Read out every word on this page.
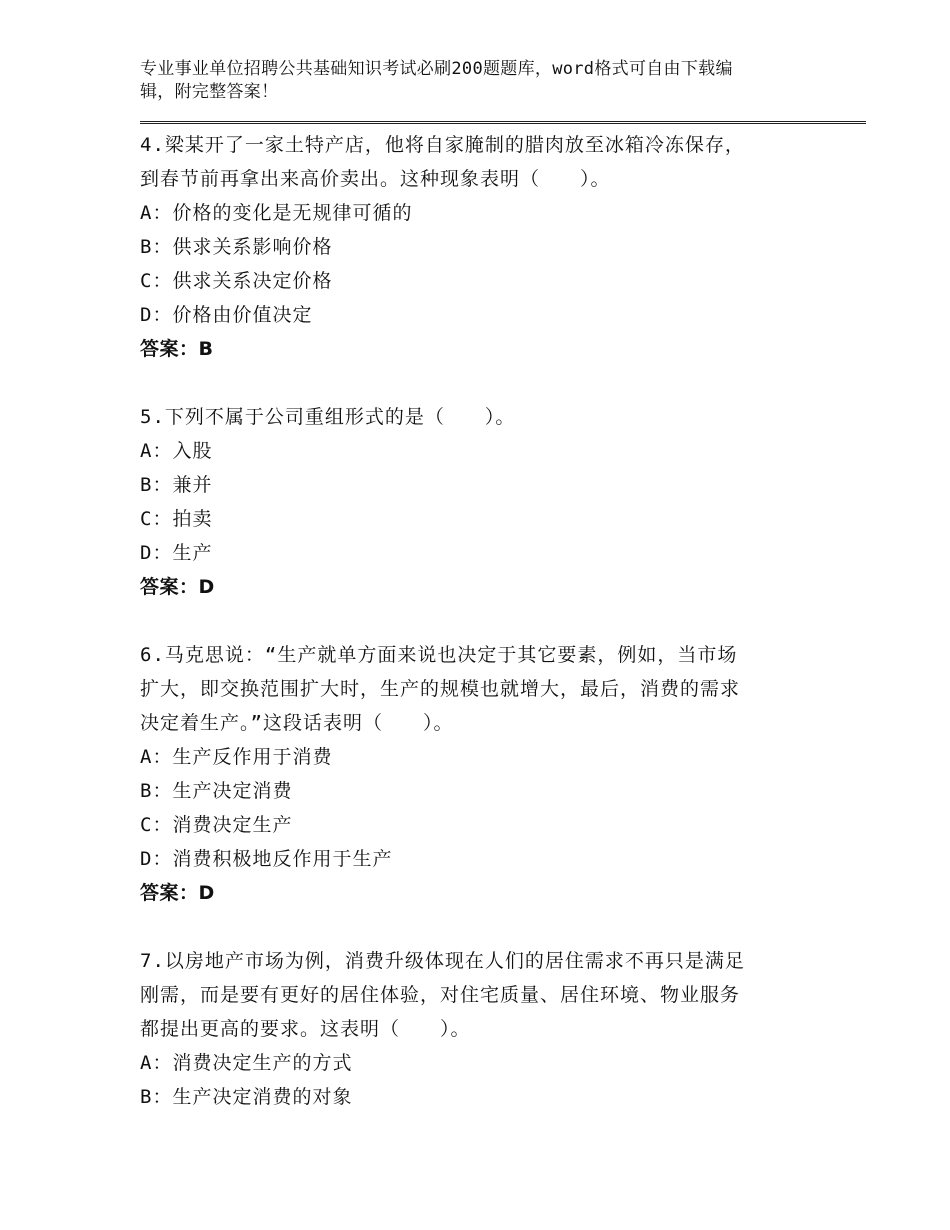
专业事业单位招聘公共基础知识考试必刷200题题库，word格式可自由下载编
辑，附完整答案！
4.梁某开了一家土特产店，他将自家腌制的腊肉放至冰箱冷冻保存，
到春节前再拿出来高价卖出。这种现象表明（　　）。
A：价格的变化是无规律可循的
B：供求关系影响价格
C：供求关系决定价格
D：价格由价值决定
答案：B
5.下列不属于公司重组形式的是（　　）。
A：入股
B：兼并
C：拍卖
D：生产
答案：D
6.马克思说：“生产就单方面来说也决定于其它要素，例如，当市场
扩大，即交换范围扩大时，生产的规模也就增大，最后，消费的需求
决定着生产。”这段话表明（　　）。
A：生产反作用于消费
B：生产决定消费
C：消费决定生产
D：消费积极地反作用于生产
答案：D
7.以房地产市场为例，消费升级体现在人们的居住需求不再只是满足
刚需，而是要有更好的居住体验，对住宅质量、居住环境、物业服务
都提出更高的要求。这表明（　　）。
A：消费决定生产的方式
B：生产决定消费的对象
